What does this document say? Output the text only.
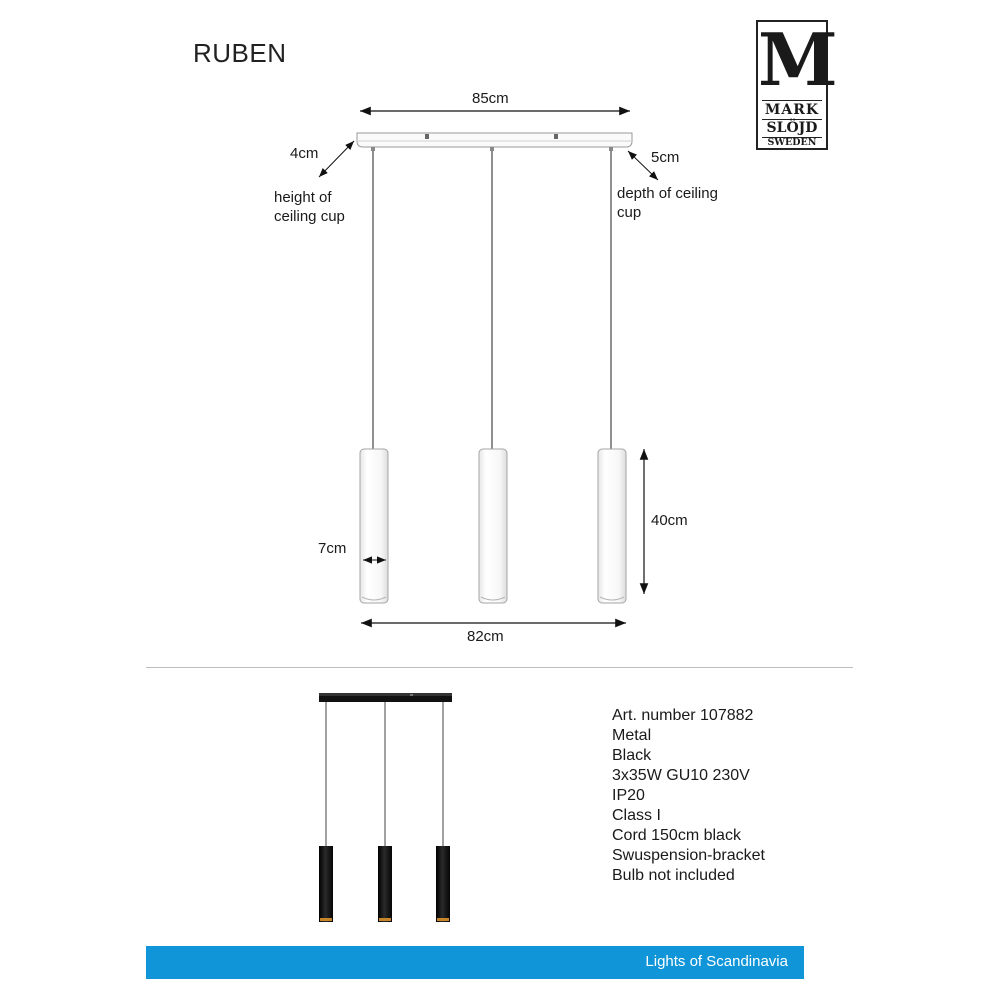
RUBEN	M
MARK
SLÖJD
SWEDEN
85cm
4cm
height of
ceiling cup
5cm
depth of ceiling
cup
7cm
40cm
82cm
Art. number 107882
Metal
Black
3x35W GU10 230V
IP20
Class I
Cord 150cm black
Swuspension-bracket
Bulb not included
Lights of Scandinavia
